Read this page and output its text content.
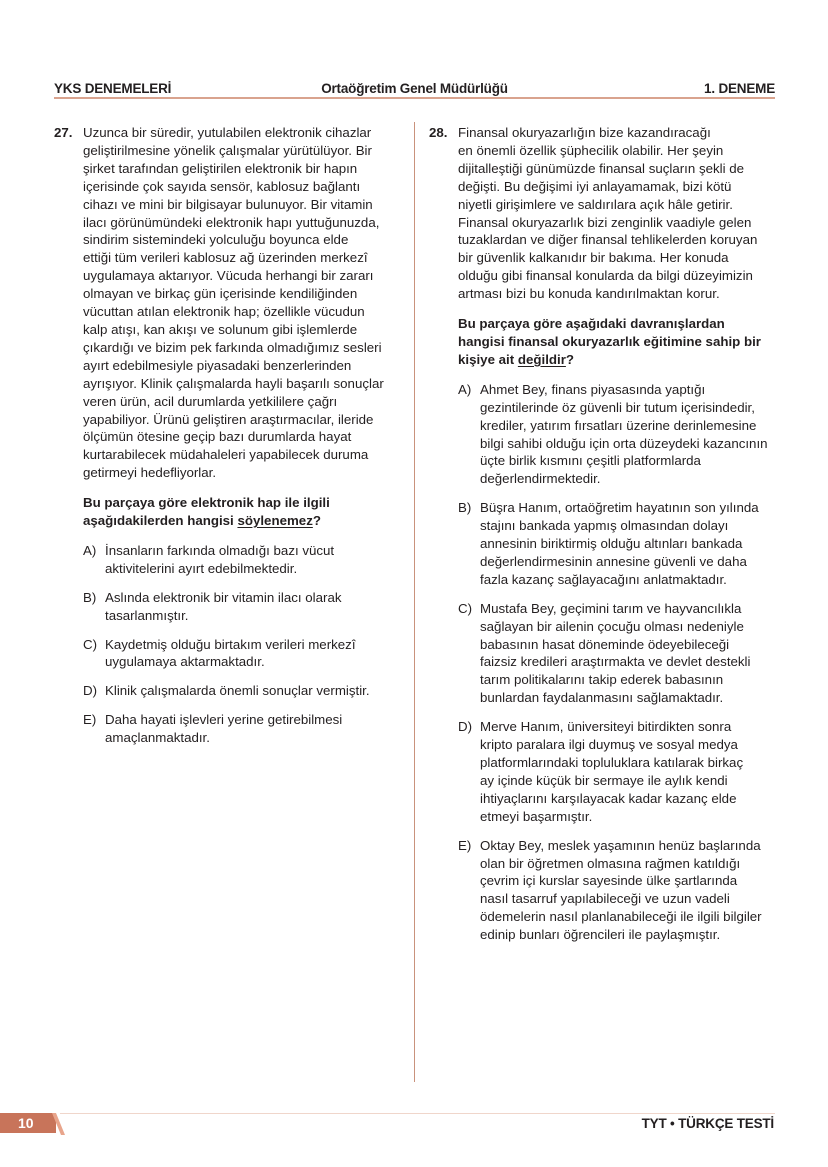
YKS DENEMELERİ	Ortaöğretim Genel Müdürlüğü	1. DENEME
27. Uzunca bir süredir, yutulabilen elektronik cihazlar
geliştirilmesine yönelik çalışmalar yürütülüyor. Bir
şirket tarafından geliştirilen elektronik bir hapın
içerisinde çok sayıda sensör, kablosuz bağlantı
cihazı ve mini bir bilgisayar bulunuyor. Bir vitamin
ilacı görünümündeki elektronik hapı yuttuğunuzda,
sindirim sistemindeki yolculuğu boyunca elde
ettiği tüm verileri kablosuz ağ üzerinden merkezî
uygulamaya aktarıyor. Vücuda herhangi bir zararı
olmayan ve birkaç gün içerisinde kendiliğinden
vücuttan atılan elektronik hap; özellikle vücudun
kalp atışı, kan akışı ve solunum gibi işlemlerde
çıkardığı ve bizim pek farkında olmadığımız sesleri
ayırt edebilmesiyle piyasadaki benzerlerinden
ayrışıyor. Klinik çalışmalarda hayli başarılı sonuçlar
veren ürün, acil durumlarda yetkililere çağrı
yapabiliyor. Ürünü geliştiren araştırmacılar, ileride
ölçümün ötesine geçip bazı durumlarda hayat
kurtarabilecek müdahaleleri yapabilecek duruma
getirmeyi hedefliyorlar.
Bu parçaya göre elektronik hap ile ilgili
aşağıdakilerden hangisi söylenemez?
A) İnsanların farkında olmadığı bazı vücut
aktivitelerini ayırt edebilmektedir.
B) Aslında elektronik bir vitamin ilacı olarak
tasarlanmıştır.
C) Kaydetmiş olduğu birtakım verileri merkezî
uygulamaya aktarmaktadır.
D) Klinik çalışmalarda önemli sonuçlar vermiştir.
E) Daha hayati işlevleri yerine getirebilmesi
amaçlanmaktadır.
28. Finansal okuryazarlığın bize kazandıracağı
en önemli özellik şüphecilik olabilir. Her şeyin
dijitalleştiği günümüzde finansal suçların şekli de
değişti. Bu değişimi iyi anlayamamak, bizi kötü
niyetli girişimlere ve saldırılara açık hâle getirir.
Finansal okuryazarlık bizi zenginlik vaadiyle gelen
tuzaklardan ve diğer finansal tehlikelerden koruyan
bir güvenlik kalkanıdır bir bakıma. Her konuda
olduğu gibi finansal konularda da bilgi düzeyimizin
artması bizi bu konuda kandırılmaktan korur.
Bu parçaya göre aşağıdaki davranışlardan
hangisi finansal okuryazarlık eğitimine sahip bir
kişiye ait değildir?
A) Ahmet Bey, finans piyasasında yaptığı
gezintilerinde öz güvenli bir tutum içerisindedir,
krediler, yatırım fırsatları üzerine derinlemesine
bilgi sahibi olduğu için orta düzeydeki kazancının
üçte birlik kısmını çeşitli platformlarda
değerlendirmektedir.
B) Büşra Hanım, ortaöğretim hayatının son yılında
stajını bankada yapmış olmasından dolayı
annesinin biriktirmiş olduğu altınları bankada
değerlendirmesinin annesine güvenli ve daha
fazla kazanç sağlayacağını anlatmaktadır.
C) Mustafa Bey, geçimini tarım ve hayvancılıkla
sağlayan bir ailenin çocuğu olması nedeniyle
babasının hasat döneminde ödeyebileceği
faizsiz kredileri araştırmakta ve devlet destekli
tarım politikalarını takip ederek babasının
bunlardan faydalanmasını sağlamaktadır.
D) Merve Hanım, üniversiteyi bitirdikten sonra
kripto paralara ilgi duymuş ve sosyal medya
platformlarındaki topluluklara katılarak birkaç
ay içinde küçük bir sermaye ile aylık kendi
ihtiyaçlarını karşılayacak kadar kazanç elde
etmeyi başarmıştır.
E) Oktay Bey, meslek yaşamının henüz başlarında
olan bir öğretmen olmasına rağmen katıldığı
çevrim içi kurslar sayesinde ülke şartlarında
nasıl tasarruf yapılabileceği ve uzun vadeli
ödemelerin nasıl planlanabileceği ile ilgili bilgiler
edinip bunları öğrencileri ile paylaşmıştır.
10	TYT • TÜRKÇE TESTİ
